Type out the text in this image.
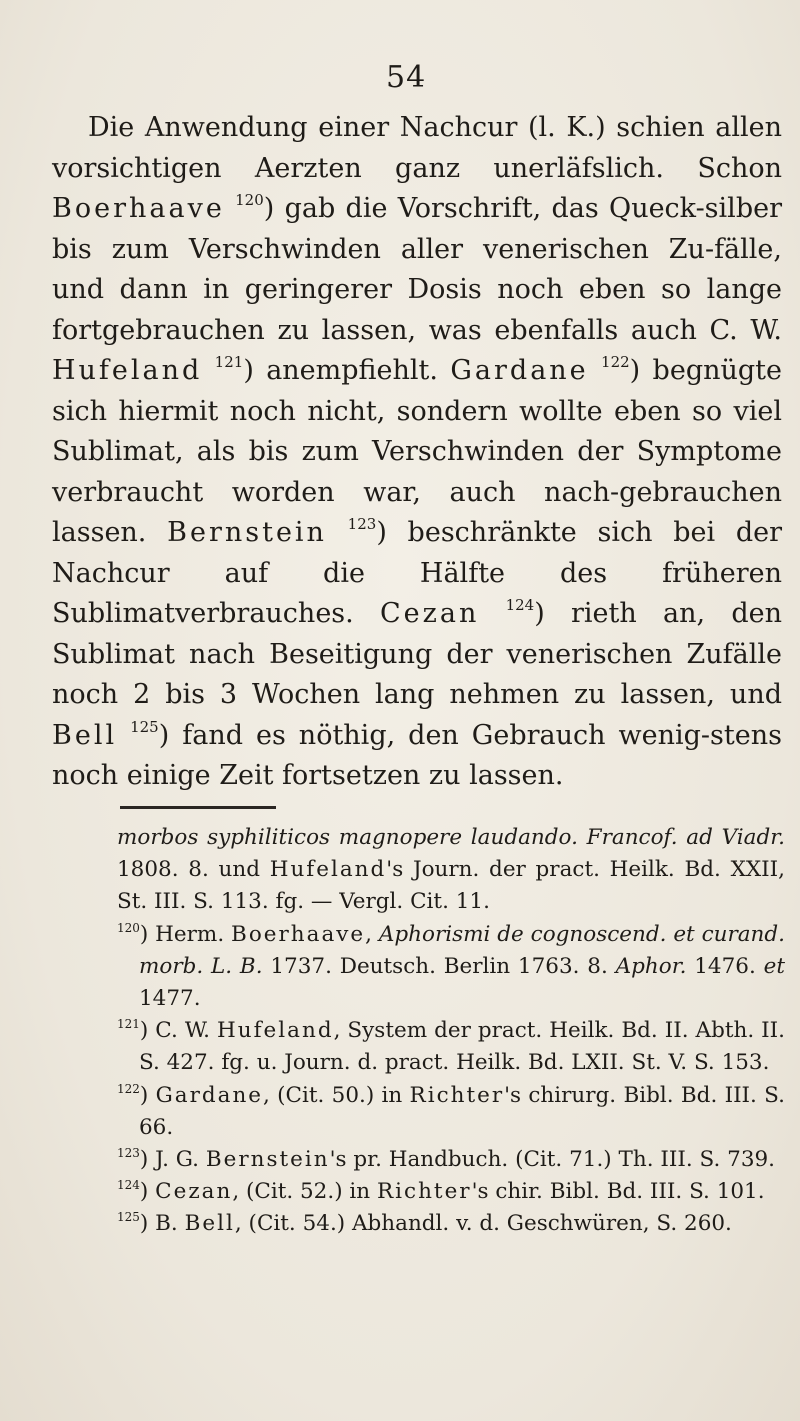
54

Die Anwendung einer Nachcur (l. K.) schien allen vorsichtigen Aerzten ganz unerläfslich. Schon Boerhaave $^{120}$) gab die Vorschrift, das Queck-silber bis zum Verschwinden aller venerischen Zu-fälle, und dann in geringerer Dosis noch eben so lange fortgebrauchen zu lassen, was ebenfalls auch C. W. Hufeland $^{121}$) anempfiehlt. Gardane $^{122}$) begnügte sich hiermit noch nicht, sondern wollte eben so viel Sublimat, als bis zum Verschwinden der Symptome verbraucht worden war, auch nach-gebrauchen lassen. Bernstein $^{123}$) beschränkte sich bei der Nachcur auf die Hälfte des früheren Sublimatverbrauches. Cezan $^{124}$) rieth an, den Sublimat nach Beseitigung der venerischen Zufälle noch 2 bis 3 Wochen lang nehmen zu lassen, und Bell $^{125}$) fand es nöthig, den Gebrauch wenig-stens noch einige Zeit fortsetzen zu lassen.

morbos syphiliticos magnopere laudando. Francof. ad Viadr. 1808. 8. und Hufeland's Journ. der pract. Heilk. Bd. XXII, St. III. S. 113. fg. — Vergl. Cit. 11.

$^{120}$) Herm. Boerhaave, Aphorismi de cognoscend. et curand. morb. L. B. 1737. Deutsch. Berlin 1763. 8. Aphor. 1476. et 1477.

$^{121}$) C. W. Hufeland, System der pract. Heilk. Bd. II. Abth. II. S. 427. fg. u. Journ. d. pract. Heilk. Bd. LXII. St. V. S. 153.

$^{122}$) Gardane, (Cit. 50.) in Richter's chirurg. Bibl. Bd. III. S. 66.

$^{123}$) J. G. Bernstein's pr. Handbuch. (Cit. 71.) Th. III. S. 739.

$^{124}$) Cezan, (Cit. 52.) in Richter's chir. Bibl. Bd. III. S. 101.

$^{125}$) B. Bell, (Cit. 54.) Abhandl. v. d. Geschwüren, S. 260.
